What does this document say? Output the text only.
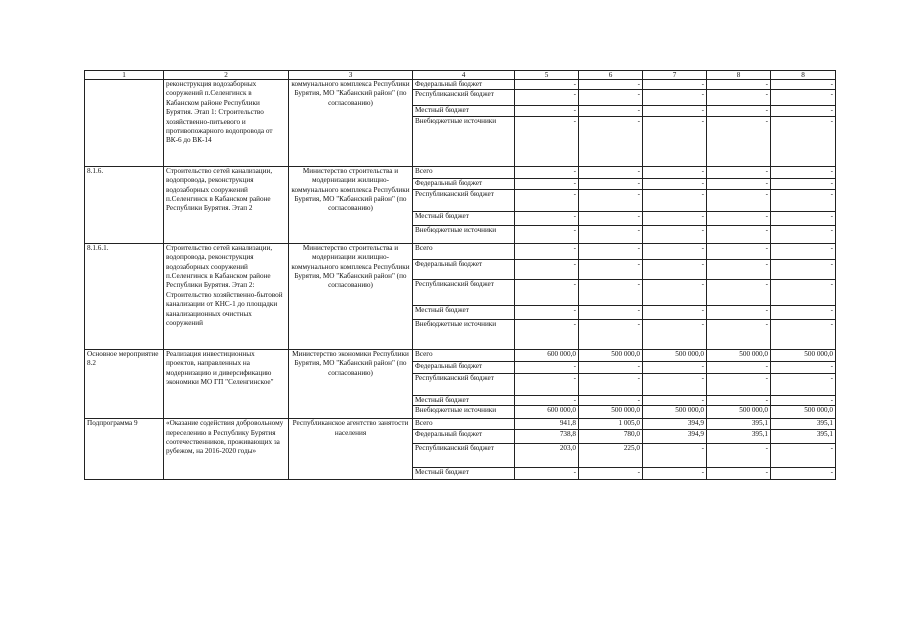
1	2	3	4	5	6	7	8	8
	реконструкция водозаборных сооружений п.Селенгинск в Кабанском районе Республики Бурятия. Этап 1: Строительство хозяйственно-питьевого и противопожарного водопровода от ВК-6 до ВК-14	коммунального комплекса Республики Бурятия, МО "Кабанский район" (по согласованию)	Федеральный бюджет	-	-	-	-	-
			Республиканский бюджет	-	-	-	-	-
			Местный бюджет	-	-	-	-	-
			Внебюджетные источники	-	-	-	-	-
8.1.6.	Строительство сетей канализации, водопровода, реконструкция водозаборных сооружений п.Селенгинск в Кабанском районе Республики Бурятия. Этап 2	Министерство строительства и модернизации жилищно-коммунального комплекса Республики Бурятия, МО "Кабанский район" (по согласованию)	Всего	-	-	-	-	-
			Федеральный бюджет	-	-	-	-	-
			Республиканский бюджет	-	-	-	-	-
			Местный бюджет	-	-	-	-	-
			Внебюджетные источники	-	-	-	-	-
8.1.6.1.	Строительство сетей канализации, водопровода, реконструкция водозаборных сооружений п.Селенгинск в Кабанском районе Республики Бурятия. Этап 2: Строительство хозяйственно-бытовой канализации от КНС-1 до площадки канализационных очистных сооружений	Министерство строительства и модернизации жилищно-коммунального комплекса Республики Бурятия, МО "Кабанский район" (по согласованию)	Всего	-	-	-	-	-
			Федеральный бюджет	-	-	-	-	-
			Республиканский бюджет	-	-	-	-	-
			Местный бюджет	-	-	-	-	-
			Внебюджетные источники	-	-	-	-	-
Основное мероприятие 8.2	Реализация инвестиционных проектов, направленных на модернизацию и диверсификацию экономики МО ГП "Селенгинское"	Министерство экономики Республики Бурятия, МО "Кабанский район" (по согласованию)	Всего	600 000,0	500 000,0	500 000,0	500 000,0	500 000,0
			Федеральный бюджет	-	-	-	-	-
			Республиканский бюджет	-	-	-	-	-
			Местный бюджет	-	-	-	-	-
			Внебюджетные источники	600 000,0	500 000,0	500 000,0	500 000,0	500 000,0
Подпрограмма 9	«Оказание содействия добровольному переселению в Республику Бурятия соотечественников, проживающих за рубежом, на 2016-2020 годы»	Республиканское агентство занятости населения	Всего	941,8	1 005,0	394,9	395,1	395,1
			Федеральный бюджет	738,8	780,0	394,9	395,1	395,1
			Республиканский бюджет	203,0	225,0	-	-	-
			Местный бюджет	-	-	-	-	-
